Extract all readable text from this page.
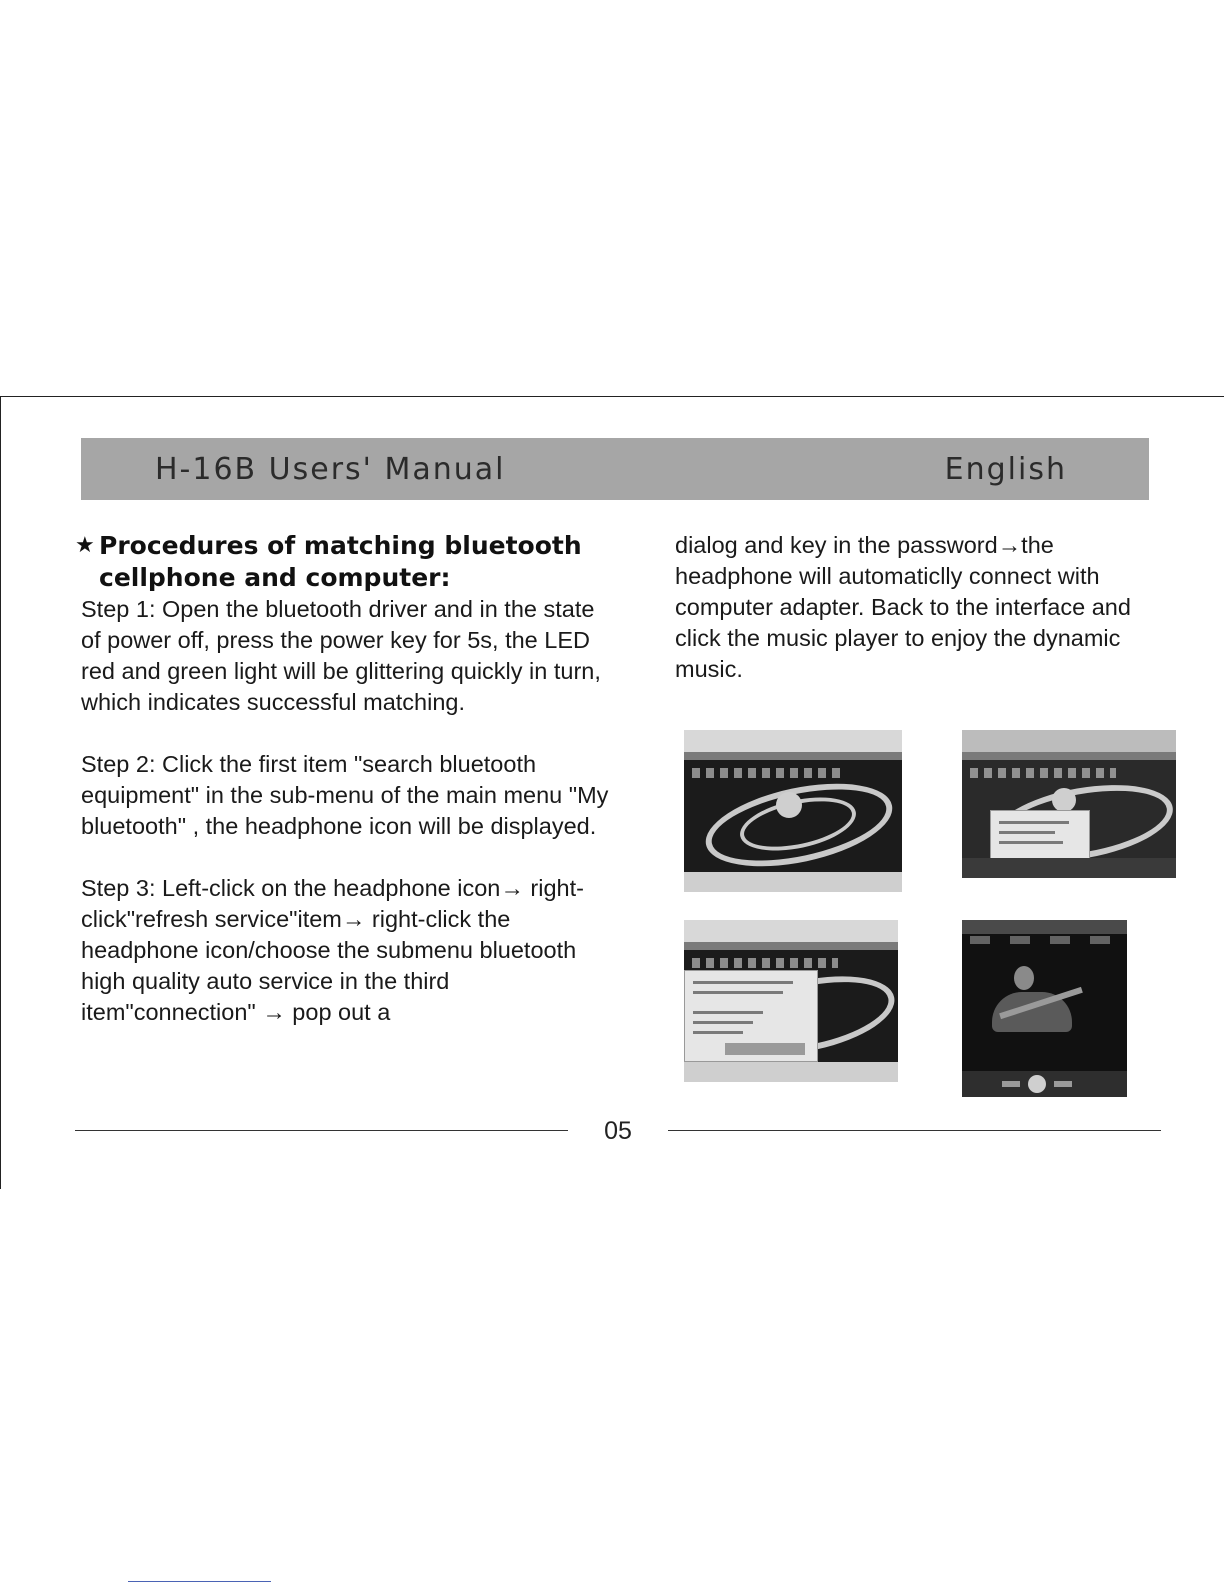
H-16B Users' Manual	English
★ Procedures of matching bluetooth cellphone and computer:

Step 1: Open the bluetooth driver and in the state of power off, press the power key for 5s, the LED red and green light will be glittering quickly in turn, which indicates successful matching.

Step 2: Click the first item "search bluetooth equipment" in the sub-menu of the main menu "My bluetooth" , the headphone icon will be displayed.

Step 3: Left-click on the headphone icon→ right-click"refresh service"item→ right-click the headphone icon/choose the submenu bluetooth high quality auto service in the third item"connection" → pop out a

dialog and key in the password→the headphone will automaticlly connect with computer adapter. Back to the interface and click the music player to enjoy the dynamic music.

05
